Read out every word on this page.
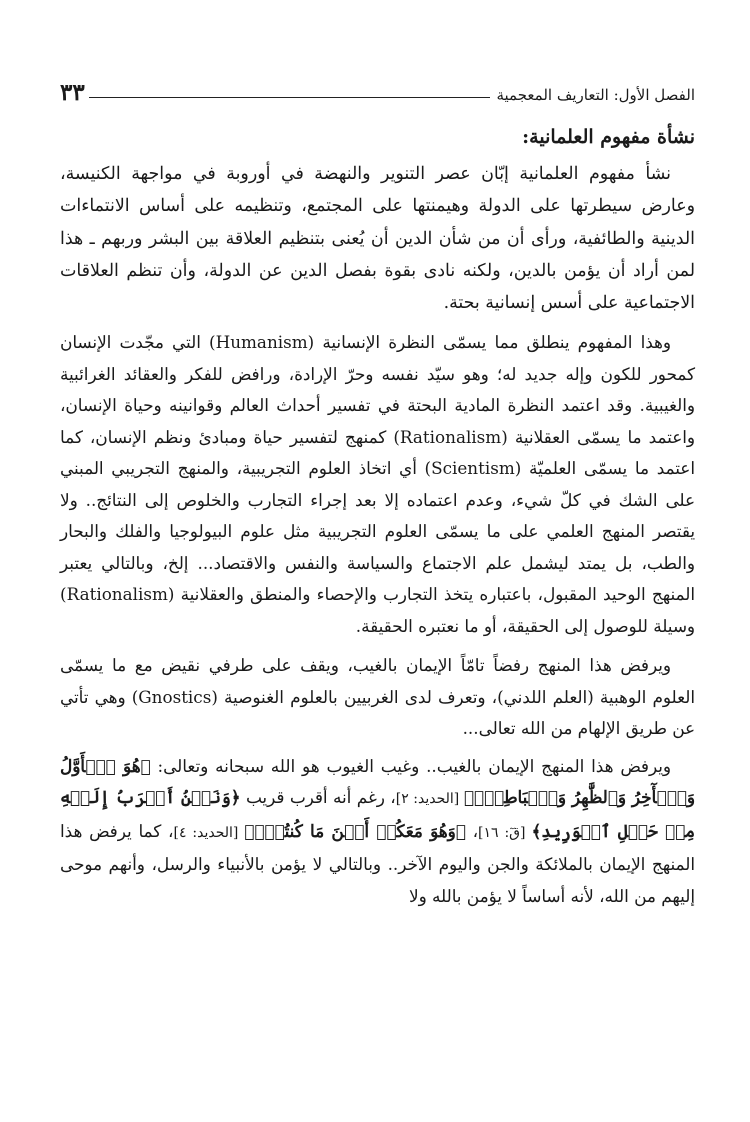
الفصل الأول: التعاريف المعجمية
٣٣
نشأة مفهوم العلمانية:

نشأ مفهوم العلمانية إبّان عصر التنوير والنهضة في أوروبة في مواجهة الكنيسة، وعارض سيطرتها على الدولة وهيمنتها على المجتمع، وتنظيمه على أساس الانتماءات الدينية والطائفية، ورأى أن من شأن الدين أن يُعنى بتنظيم العلاقة بين البشر وربهم ـ هذا لمن أراد أن يؤمن بالدين، ولكنه نادى بقوة بفصل الدين عن الدولة، وأن تنظم العلاقات الاجتماعية على أسس إنسانية بحتة.

وهذا المفهوم ينطلق مما يسمّى النظرة الإنسانية (Humanism) التي مجّدت الإنسان كمحور للكون وإله جديد له؛ وهو سيّد نفسه وحرّ الإرادة، ورافض للفكر والعقائد الغرائبية والغيبية. وقد اعتمد النظرة المادية البحتة في تفسير أحداث العالم وقوانينه وحياة الإنسان، واعتمد ما يسمّى العقلانية (Rationalism) كمنهج لتفسير حياة ومبادئ ونظم الإنسان، كما اعتمد ما يسمّى العلميّة (Scientism) أي اتخاذ العلوم التجريبية، والمنهج التجريبي المبني على الشك في كلّ شيء، وعدم اعتماده إلا بعد إجراء التجارب والخلوص إلى النتائج.. ولا يقتصر المنهج العلمي على ما يسمّى العلوم التجريبية مثل علوم البيولوجيا والفلك والبحار والطب، بل يمتد ليشمل علم الاجتماع والسياسة والنفس والاقتصاد... إلخ، وبالتالي يعتبر المنهج الوحيد المقبول، باعتباره يتخذ التجارب والإحصاء والمنطق والعقلانية (Rationalism) وسيلة للوصول إلى الحقيقة، أو ما نعتبره الحقيقة.

ويرفض هذا المنهج رفضاً تامّاً الإيمان بالغيب، ويقف على طرفي نقيض مع ما يسمّى العلوم الوهبية (العلم اللدني)، وتعرف لدى الغربيين بالعلوم الغنوصية (Gnostics) وهي تأتي عن طريق الإلهام من الله تعالى...

ويرفض هذا المنهج الإيمان بالغيب.. وغيب الغيوب هو الله سبحانه وتعالى: ﴿هُوَ ٱلۡأَوَّلُ وَٱلۡأٓخِرُ وَٱلظَّٰهِرُ وَٱلۡبَاطِنُۖ﴾ [الحديد: ٢]، رغم أنه أقرب قريب ﴿وَنَحۡنُ أَقۡرَبُ إِلَيۡهِ مِنۡ حَبۡلِ ٱلۡوَرِيدِ﴾ [قٓ: ١٦]، ﴿وَهُوَ مَعَكُمۡ أَيۡنَ مَا كُنتُمۡۚ﴾ [الحديد: ٤]، كما يرفض هذا المنهج الإيمان بالملائكة والجن واليوم الآخر.. وبالتالي لا يؤمن بالأنبياء والرسل، وأنهم موحى إليهم من الله، لأنه أساساً لا يؤمن بالله ولا
